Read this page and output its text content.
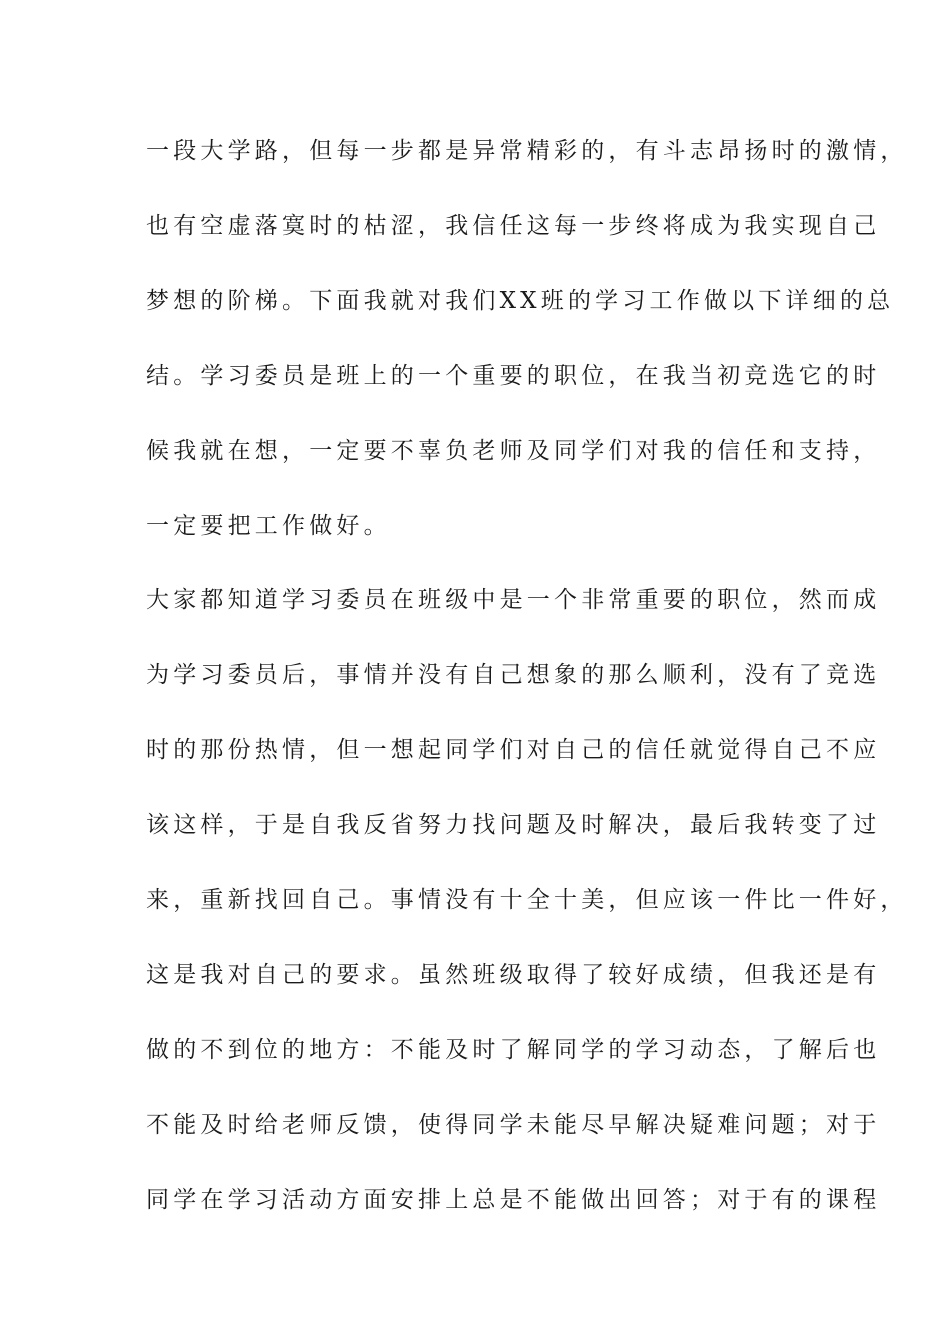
一段大学路，但每一步都是异常精彩的，有斗志昂扬时的激情，
也有空虚落寞时的枯涩，我信任这每一步终将成为我实现自己
梦想的阶梯。下面我就对我们XX班的学习工作做以下详细的总
结。学习委员是班上的一个重要的职位，在我当初竞选它的时
候我就在想，一定要不辜负老师及同学们对我的信任和支持，
一定要把工作做好。
大家都知道学习委员在班级中是一个非常重要的职位，然而成
为学习委员后，事情并没有自己想象的那么顺利，没有了竞选
时的那份热情，但一想起同学们对自己的信任就觉得自己不应
该这样，于是自我反省努力找问题及时解决，最后我转变了过
来，重新找回自己。事情没有十全十美，但应该一件比一件好，
这是我对自己的要求。虽然班级取得了较好成绩，但我还是有
做的不到位的地方：不能及时了解同学的学习动态，了解后也
不能及时给老师反馈，使得同学未能尽早解决疑难问题；对于
同学在学习活动方面安排上总是不能做出回答；对于有的课程
